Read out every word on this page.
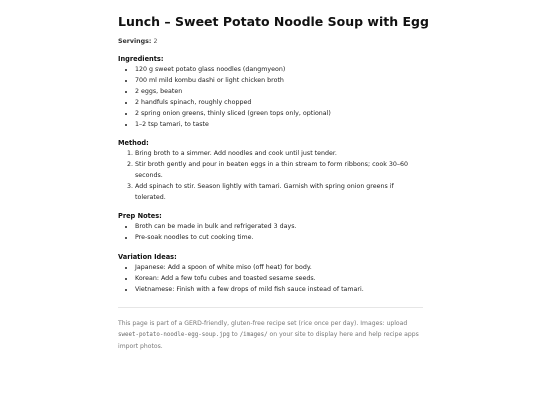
Lunch – Sweet Potato Noodle Soup with Egg
Servings: 2
Ingredients:
• 120 g sweet potato glass noodles (dangmyeon)
• 700 ml mild kombu dashi or light chicken broth
• 2 eggs, beaten
• 2 handfuls spinach, roughly chopped
• 2 spring onion greens, thinly sliced (green tops only, optional)
• 1–2 tsp tamari, to taste
Method:
1. Bring broth to a simmer. Add noodles and cook until just tender.
2. Stir broth gently and pour in beaten eggs in a thin stream to form ribbons; cook 30–60 seconds.
3. Add spinach to stir. Season lightly with tamari. Garnish with spring onion greens if tolerated.
Prep Notes:
• Broth can be made in bulk and refrigerated 3 days.
• Pre-soak noodles to cut cooking time.
Variation Ideas:
• Japanese: Add a spoon of white miso (off heat) for body.
• Korean: Add a few tofu cubes and toasted sesame seeds.
• Vietnamese: Finish with a few drops of mild fish sauce instead of tamari.
This page is part of a GERD-friendly, gluten-free recipe set (rice once per day). Images: upload sweet-potato-noodle-egg-soup.jpg to /images/ on your site to display here and help recipe apps import photos.
